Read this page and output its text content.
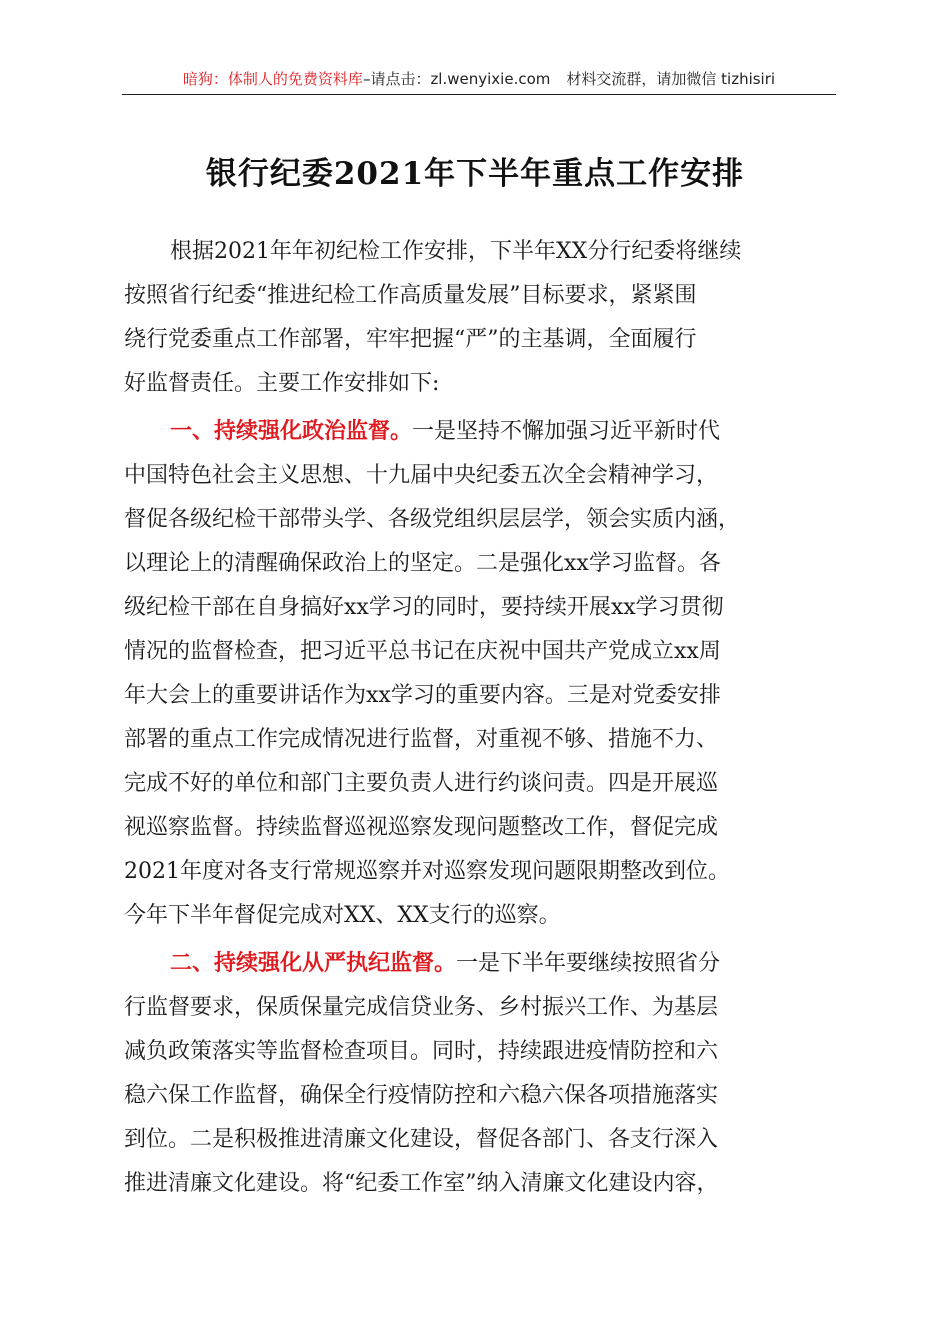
暗狗：体制人的免费资料库–请点击：zl.wenyixie.com 材料交流群，请加微信 tizhisiri
银行纪委2021年下半年重点工作安排
根据2021年年初纪检工作安排，下半年XX分行纪委将继续
按照省行纪委“推进纪检工作高质量发展”目标要求，紧紧围
绕行党委重点工作部署，牢牢把握“严”的主基调，全面履行
好监督责任。主要工作安排如下:
一、持续强化政治监督。一是坚持不懈加强习近平新时代
中国特色社会主义思想、十九届中央纪委五次全会精神学习，
督促各级纪检干部带头学、各级党组织层层学，领会实质内涵，
以理论上的清醒确保政治上的坚定。二是强化xx学习监督。各
级纪检干部在自身搞好xx学习的同时，要持续开展xx学习贯彻
情况的监督检查，把习近平总书记在庆祝中国共产党成立xx周
年大会上的重要讲话作为xx学习的重要内容。三是对党委安排
部署的重点工作完成情况进行监督，对重视不够、措施不力、
完成不好的单位和部门主要负责人进行约谈问责。四是开展巡
视巡察监督。持续监督巡视巡察发现问题整改工作，督促完成
2021年度对各支行常规巡察并对巡察发现问题限期整改到位。
今年下半年督促完成对XX、XX支行的巡察。
二、持续强化从严执纪监督。一是下半年要继续按照省分
行监督要求，保质保量完成信贷业务、乡村振兴工作、为基层
减负政策落实等监督检查项目。同时，持续跟进疫情防控和六
稳六保工作监督，确保全行疫情防控和六稳六保各项措施落实
到位。二是积极推进清廉文化建设，督促各部门、各支行深入
推进清廉文化建设。将“纪委工作室”纳入清廉文化建设内容，
